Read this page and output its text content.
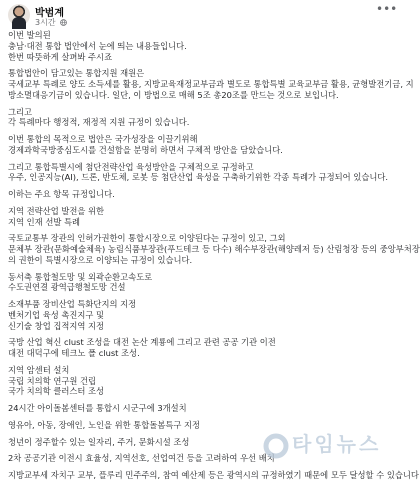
박범계
3시간
•••
이번 발의된
충남·대전 통합 법안에서 눈에 띄는 내용들입니다.
한번 따뜻하게 살펴봐 주시죠
통합법안이 담고있는 통합지원 재원은
국세교부 특례로 양도 소득세를 활용, 지방교육재정교부금과 별도로 통합특별 교육교부금 활용, 균형발전기금, 지
방소멸대응기금이 있습니다. 일단, 이 방법으로 매해 5조 총20조를 만드는 것으로 보입니다.
그리고
각 특례마다 행정적, 재정적 지원 규정이 있습니다.
이번 통합의 목적으로 법안은 국가성장을 이끌기위해
경제과학국방중심도시를 건설함을 분명히 하면서 구체적 방안을 담았습니다.
그리고 통합특별시에 첨단전략산업 육성방안을 구체적으로 규정하고
우주, 인공지능(AI), 드론, 반도체, 로봇 등 첨단산업 육성을 구축하기위한 각종 특례가 규정되어 있습니다.
이하는 주요 항목 규정입니다.
지역 전략산업 발전을 위한
지역 인재 선발 특례
국토교통부 장관의 인허가권한이 통합시장으로 이양된다는 규정이 있고, 그외
문체부 장관(문화예술체육) 농림식품부장관(푸드테크 등 다수) 해수부장관(해양레저 등) 산림청장 등의 중앙부처장
의 권한이 특별시장으로 이양되는 규정이 있습니다.
동서축 통합철도망 및 외곽순환고속도로
수도권연결 광역급행철도망 건설
소재부품 장비산업 특화단지의 지정
벤처기업 육성 촉진지구 및
신기술 창업 집적지역 지정
국방 산업 혁신 clust 조성을 대전 논산 계룡에 그리고 관련 공공 기관 이전
대전 대덕구에 테크노 폴 clust 조성.
지역 암센터 설치
국립 치의학 연구원 건립
국가 치의학 클러스터 조성
24시간 아이돌봄센터를 통합시 시군구에 3개설치
영유아, 아동, 장애인, 노인을 위한 통합돌봄특구 지정
청년이 정주할수 있는 일자리, 주거, 문화시설 조성
2차 공공기관 이전시 효율성, 지역선호, 선업여건 등을 고려하여 우선 배치
지방교부세 자치구 교부, 플루리 민주주의, 참여 예산제 등은 광역시의 규정하였기 때문에 모두 달성할 수 있습니다
타임뉴스
